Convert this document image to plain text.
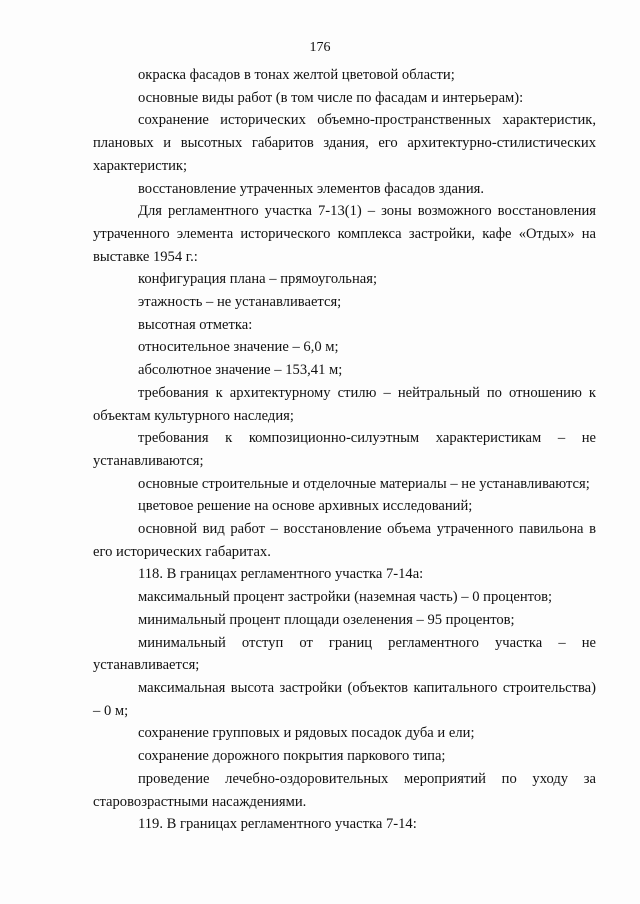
176

окраска фасадов в тонах желтой цветовой области;

основные виды работ (в том числе по фасадам и интерьерам):

сохранение исторических объемно-пространственных характеристик, плановых и высотных габаритов здания, его архитектурно-стилистических характеристик;

восстановление утраченных элементов фасадов здания.

Для регламентного участка 7-13(1) – зоны возможного восстановления утраченного элемента исторического комплекса застройки, кафе «Отдых» на выставке 1954 г.:

конфигурация плана – прямоугольная;

этажность – не устанавливается;

высотная отметка:

относительное значение – 6,0 м;

абсолютное значение – 153,41 м;

требования к архитектурному стилю – нейтральный по отношению к объектам культурного наследия;

требования к композиционно-силуэтным характеристикам – не устанавливаются;

основные строительные и отделочные материалы – не устанавливаются;

цветовое решение на основе архивных исследований;

основной вид работ – восстановление объема утраченного павильона в его исторических габаритах.

118. В границах регламентного участка 7-14а:

максимальный процент застройки (наземная часть) – 0 процентов;

минимальный процент площади озеленения – 95 процентов;

минимальный отступ от границ регламентного участка – не устанавливается;

максимальная высота застройки (объектов капитального строительства) – 0 м;

сохранение групповых и рядовых посадок дуба и ели;

сохранение дорожного покрытия паркового типа;

проведение лечебно-оздоровительных мероприятий по уходу за старовозрастными насаждениями.

119. В границах регламентного участка 7-14:
